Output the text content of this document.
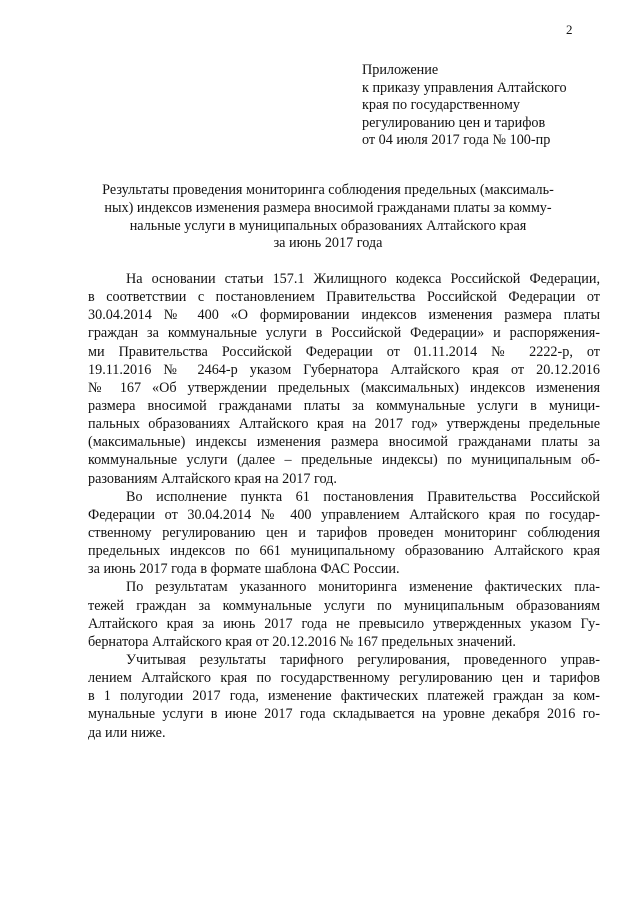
2
Приложение
к приказу управления Алтайского
края по государственному
регулированию цен и тарифов
от 04 июля 2017 года № 100-пр
Результаты проведения мониторинга соблюдения предельных (максималь-
ных) индексов изменения размера вносимой гражданами платы за комму-
нальные услуги в муниципальных образованиях Алтайского края
за июнь 2017 года
На основании статьи 157.1 Жилищного кодекса Российской Федерации,
в соответствии с постановлением Правительства Российской Федерации от
30.04.2014 № 400 «О формировании индексов изменения размера платы
граждан за коммунальные услуги в Российской Федерации» и распоряжения-
ми Правительства Российской Федерации от 01.11.2014 № 2222-р, от
19.11.2016 № 2464-р указом Губернатора Алтайского края от 20.12.2016
№ 167 «Об утверждении предельных (максимальных) индексов изменения
размера вносимой гражданами платы за коммунальные услуги в муници-
пальных образованиях Алтайского края на 2017 год» утверждены предельные
(максимальные) индексы изменения размера вносимой гражданами платы за
коммунальные услуги (далее – предельные индексы) по муниципальным об-
разованиям Алтайского края на 2017 год.
Во исполнение пункта 61 постановления Правительства Российской
Федерации от 30.04.2014 № 400 управлением Алтайского края по государ-
ственному регулированию цен и тарифов проведен мониторинг соблюдения
предельных индексов по 661 муниципальному образованию Алтайского края
за июнь 2017 года в формате шаблона ФАС России.
По результатам указанного мониторинга изменение фактических пла-
тежей граждан за коммунальные услуги по муниципальным образованиям
Алтайского края за июнь 2017 года не превысило утвержденных указом Гу-
бернатора Алтайского края от 20.12.2016 № 167 предельных значений.
Учитывая результаты тарифного регулирования, проведенного управ-
лением Алтайского края по государственному регулированию цен и тарифов
в 1 полугодии 2017 года, изменение фактических платежей граждан за ком-
мунальные услуги в июне 2017 года складывается на уровне декабря 2016 го-
да или ниже.
